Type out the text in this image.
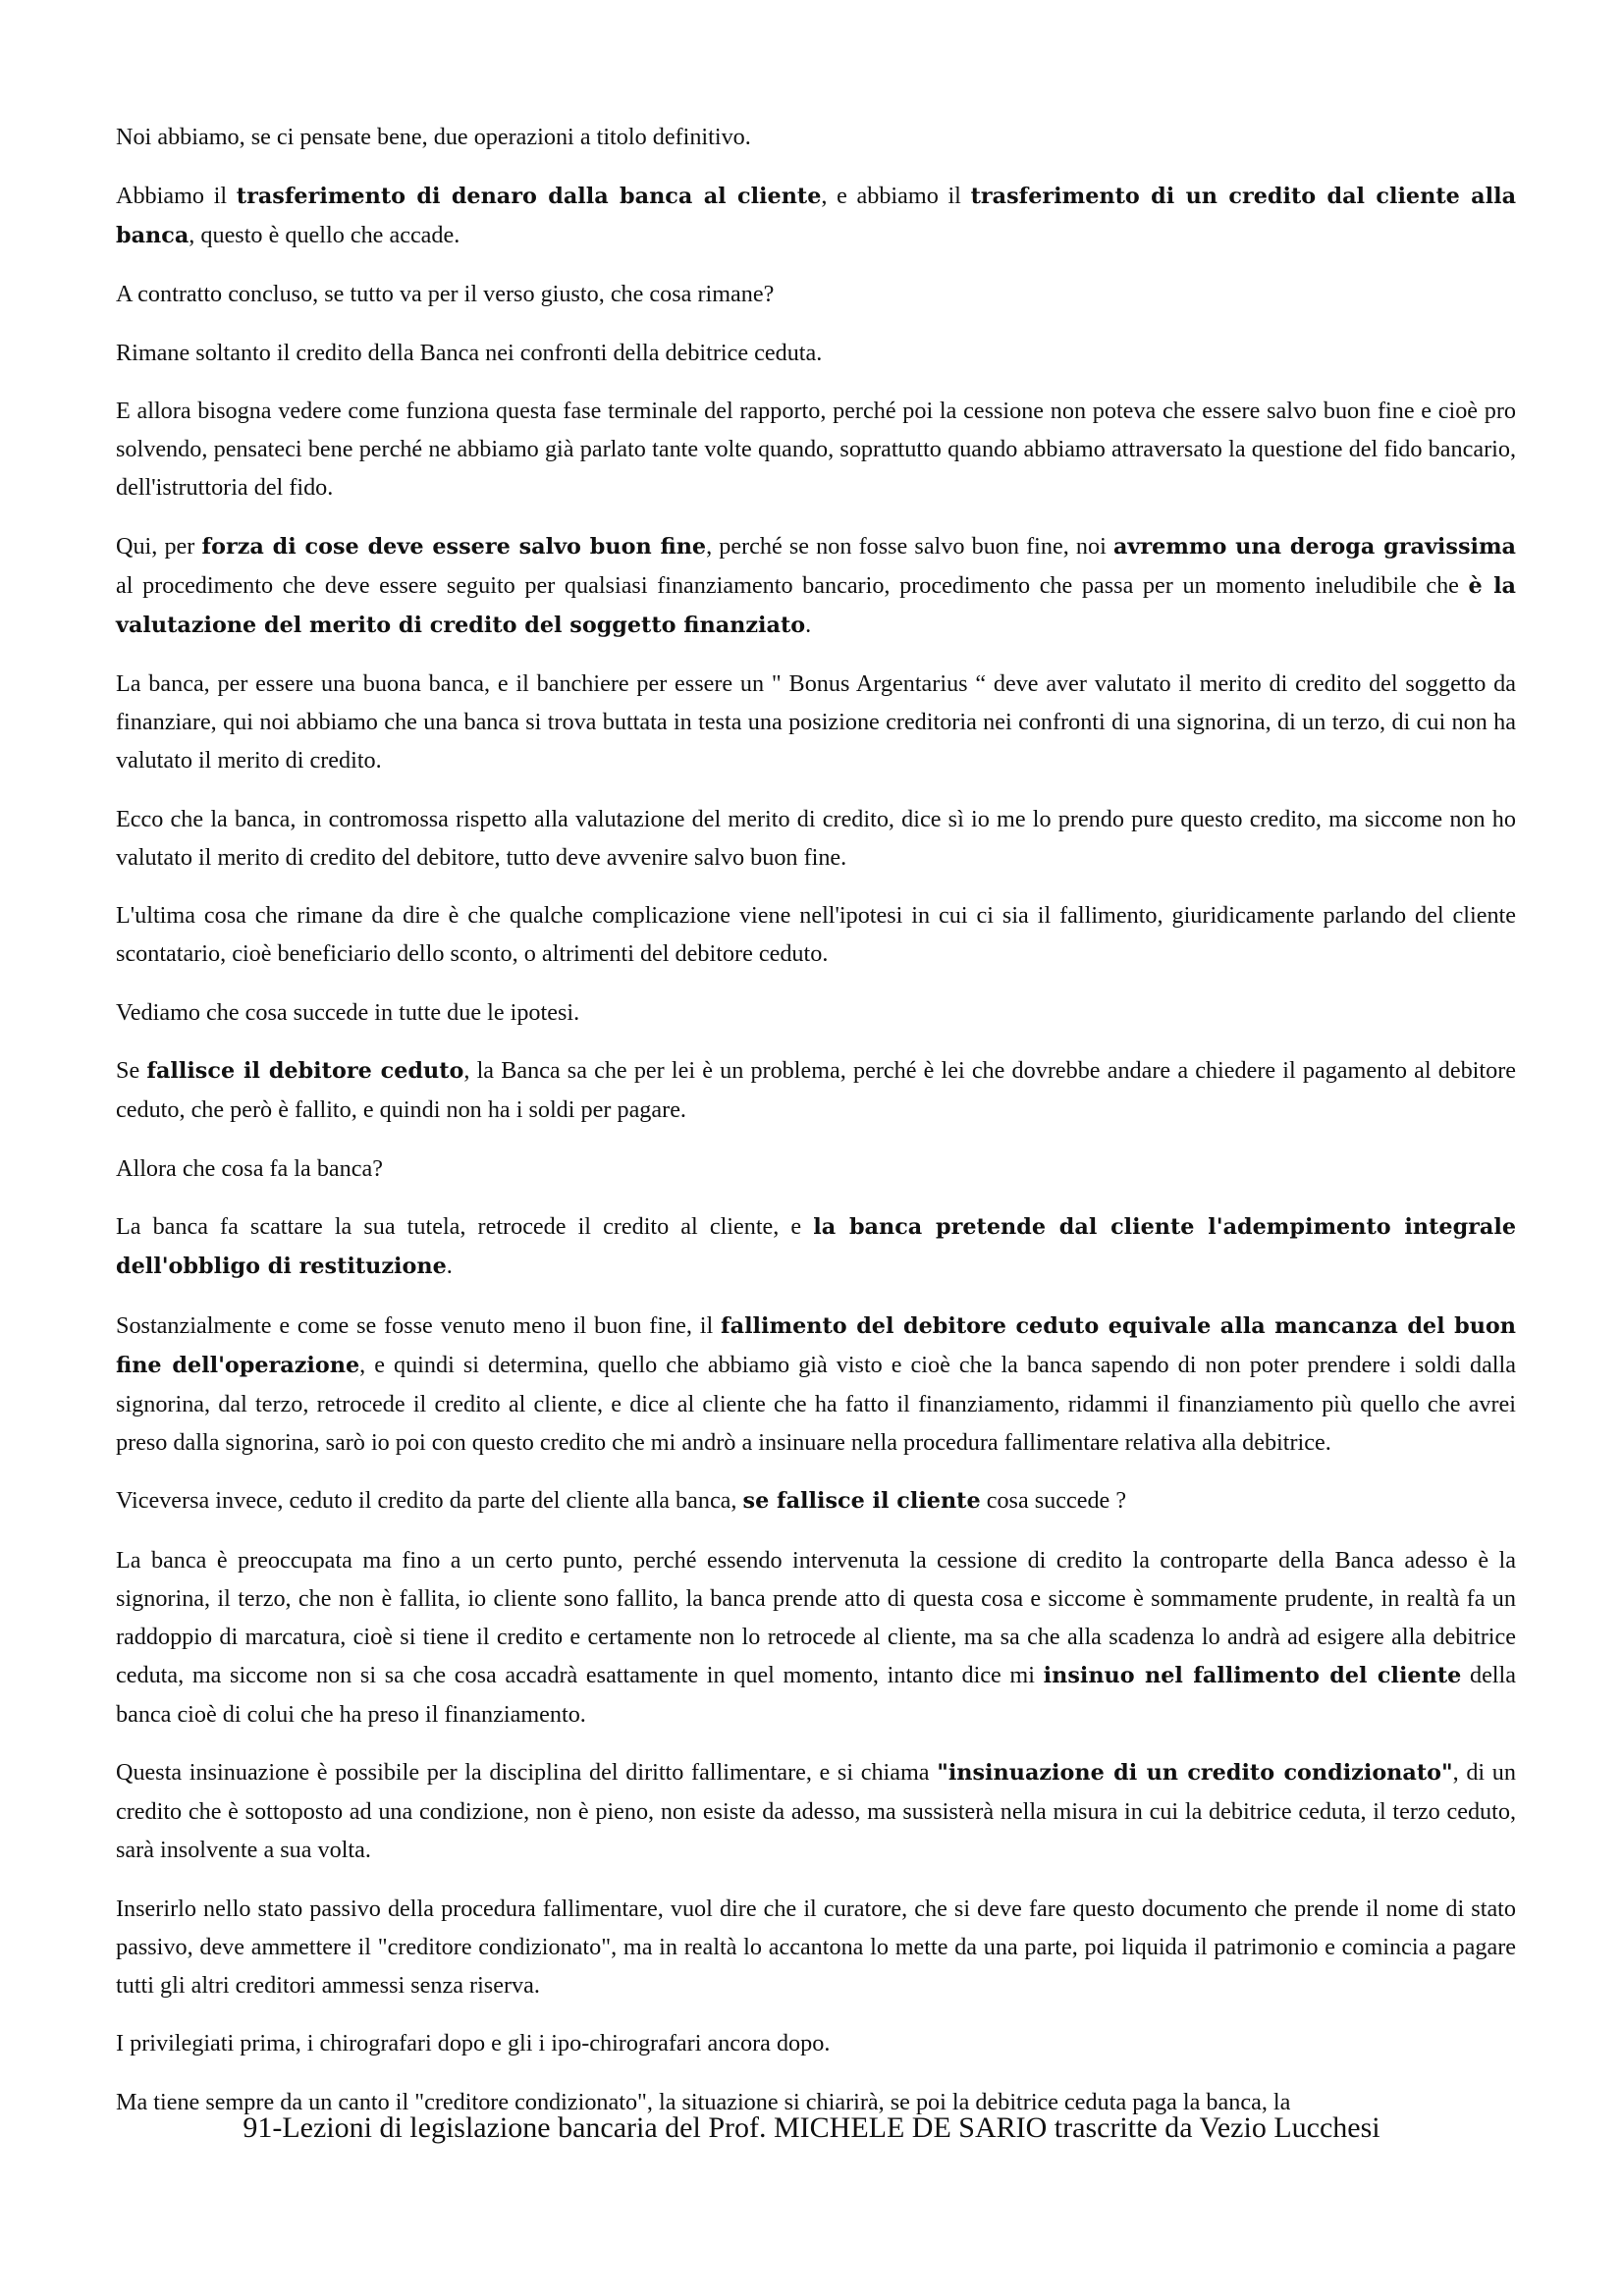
Noi abbiamo, se ci pensate bene, due operazioni a titolo definitivo.

Abbiamo il trasferimento di denaro dalla banca al cliente, e abbiamo il trasferimento di un credito dal cliente alla banca, questo è quello che accade.

A contratto concluso, se tutto va per il verso giusto, che cosa rimane?

Rimane soltanto il credito della Banca nei confronti della debitrice ceduta.

E allora bisogna vedere come funziona questa fase terminale del rapporto, perché poi la cessione non poteva che essere salvo buon fine e cioè pro solvendo, pensateci bene perché ne abbiamo già parlato tante volte quando, soprattutto quando abbiamo attraversato la questione del fido bancario, dell'istruttoria del fido.

Qui, per forza di cose deve essere salvo buon fine, perché se non fosse salvo buon fine, noi avremmo una deroga gravissima al procedimento che deve essere seguito per qualsiasi finanziamento bancario, procedimento che passa per un momento ineludibile che è la valutazione del merito di credito del soggetto finanziato.

La banca, per essere una buona banca, e il banchiere per essere un " Bonus Argentarius “ deve aver valutato il merito di credito del soggetto da finanziare, qui noi abbiamo che una banca si trova buttata in testa una posizione creditoria nei confronti di una signorina, di un terzo, di cui non ha valutato il merito di credito.

Ecco che la banca, in contromossa rispetto alla valutazione del merito di credito, dice sì io me lo prendo pure questo credito, ma siccome non ho valutato il merito di credito del debitore, tutto deve avvenire salvo buon fine.

L'ultima cosa che rimane da dire è che qualche complicazione viene nell'ipotesi in cui ci sia il fallimento, giuridicamente parlando del cliente scontatario, cioè beneficiario dello sconto, o altrimenti del debitore ceduto.

Vediamo che cosa succede in tutte due le ipotesi.

Se fallisce il debitore ceduto, la Banca sa che per lei è un problema, perché è lei che dovrebbe andare a chiedere il pagamento al debitore ceduto, che però è fallito, e quindi non ha i soldi per pagare.

Allora che cosa fa la banca?

La banca fa scattare la sua tutela, retrocede il credito al cliente, e la banca pretende dal cliente l'adempimento integrale dell'obbligo di restituzione.

Sostanzialmente e come se fosse venuto meno il buon fine, il fallimento del debitore ceduto equivale alla mancanza del buon fine dell'operazione, e quindi si determina, quello che abbiamo già visto e cioè che la banca sapendo di non poter prendere i soldi dalla signorina, dal terzo, retrocede il credito al cliente, e dice al cliente che ha fatto il finanziamento, ridammi il finanziamento più quello che avrei preso dalla signorina, sarò io poi con questo credito che mi andrò a insinuare nella procedura fallimentare relativa alla debitrice.

Viceversa invece, ceduto il credito da parte del cliente alla banca, se fallisce il cliente cosa succede ?

La banca è preoccupata ma fino a un certo punto, perché essendo intervenuta la cessione di credito la controparte della Banca adesso è la signorina, il terzo, che non è fallita, io cliente sono fallito, la banca prende atto di questa cosa e siccome è sommamente prudente, in realtà fa un raddoppio di marcatura, cioè si tiene il credito e certamente non lo retrocede al cliente, ma sa che alla scadenza lo andrà ad esigere alla debitrice ceduta, ma siccome non si sa che cosa accadrà esattamente in quel momento, intanto dice mi insinuo nel fallimento del cliente della banca cioè di colui che ha preso il finanziamento.

Questa insinuazione è possibile per la disciplina del diritto fallimentare, e si chiama "insinuazione di un credito condizionato", di un credito che è sottoposto ad una condizione, non è pieno, non esiste da adesso, ma sussisterà nella misura in cui la debitrice ceduta, il terzo ceduto, sarà insolvente a sua volta.

Inserirlo nello stato passivo della procedura fallimentare, vuol dire che il curatore, che si deve fare questo documento che prende il nome di stato passivo, deve ammettere il "creditore condizionato", ma in realtà lo accantona lo mette da una parte, poi liquida il patrimonio e comincia a pagare tutti gli altri creditori ammessi senza riserva.

I privilegiati prima, i chirografari dopo e gli i ipo-chirografari ancora dopo.

Ma tiene sempre da un canto il "creditore condizionato", la situazione si chiarirà, se poi la debitrice ceduta paga la banca, la

91-Lezioni di legislazione bancaria del Prof. MICHELE DE SARIO trascritte da Vezio Lucchesi
